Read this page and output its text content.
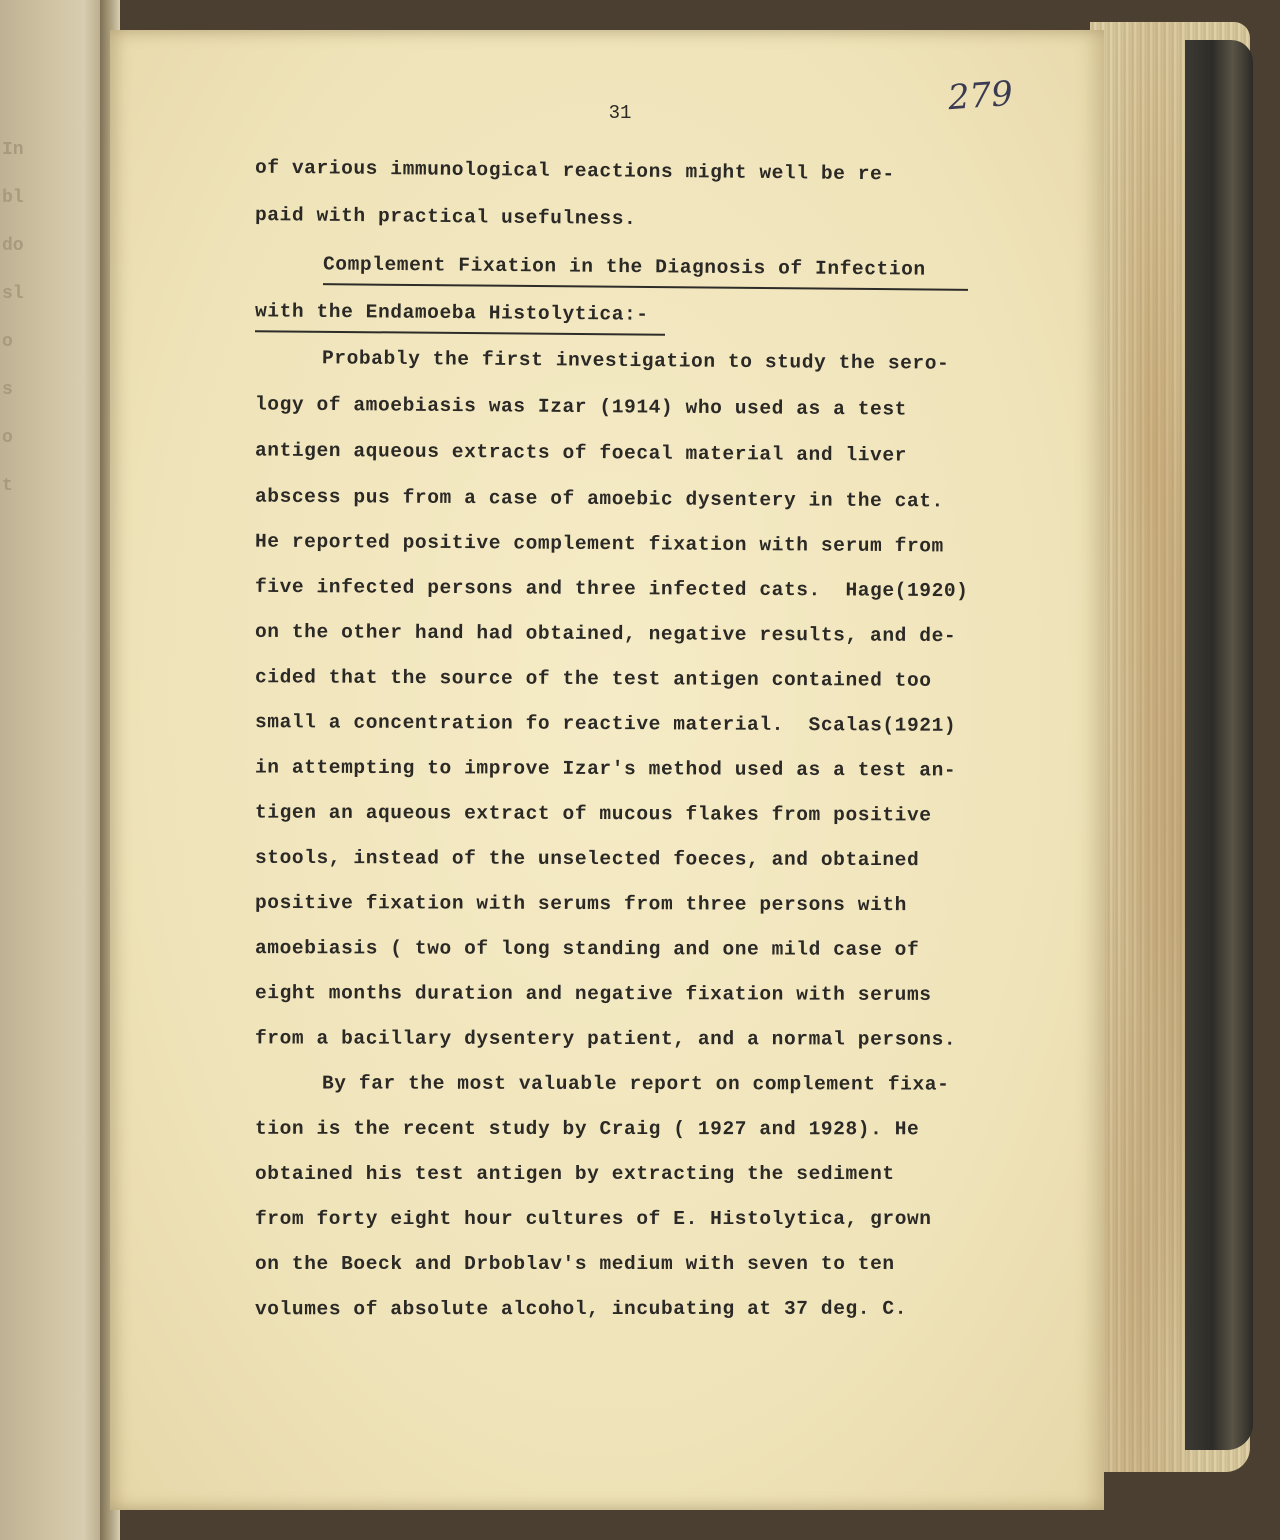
In
bl
do
sl
o
s
o
t
31	279
of various immunological reactions might well be re-
paid with practical usefulness.
Complement Fixation in the Diagnosis of Infection
with the Endamoeba Histolytica:-
Probably the first investigation to study the sero-
logy of amoebiasis was Izar (1914) who used as a test
antigen aqueous extracts of foecal material and liver
abscess pus from a case of amoebic dysentery in the cat.
He reported positive complement fixation with serum from
five infected persons and three infected cats.  Hage(1920)
on the other hand had obtained, negative results, and de-
cided that the source of the test antigen contained too
small a concentration fo reactive material.  Scalas(1921)
in attempting to improve Izar's method used as a test an-
tigen an aqueous extract of mucous flakes from positive
stools, instead of the unselected foeces, and obtained
positive fixation with serums from three persons with
amoebiasis ( two of long standing and one mild case of
eight months duration and negative fixation with serums
from a bacillary dysentery patient, and a normal persons.
By far the most valuable report on complement fixa-
tion is the recent study by Craig ( 1927 and 1928). He
obtained his test antigen by extracting the sediment
from forty eight hour cultures of E. Histolytica, grown
on the Boeck and Drboblav's medium with seven to ten
volumes of absolute alcohol, incubating at 37 deg. C.
